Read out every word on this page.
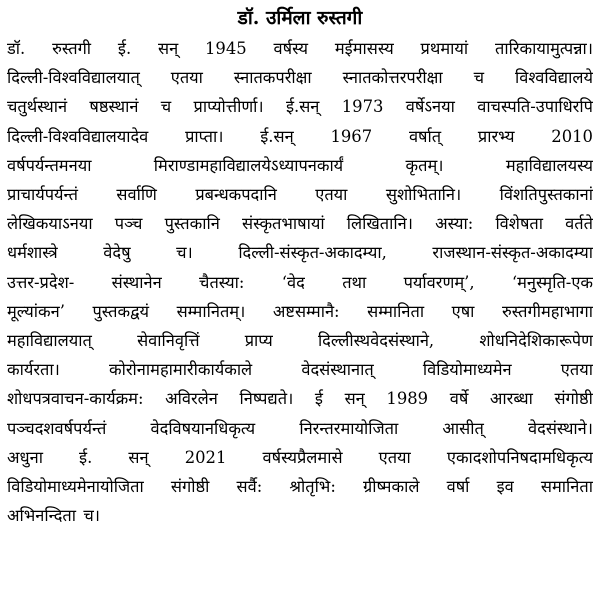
डॉ. उर्मिला रुस्तगी
डॉ. रुस्तगी ई. सन् 1945 वर्षस्य मईमासस्य प्रथमायां तारिकायामुत्पन्ना।
दिल्ली-विश्वविद्यालयात् एतया स्नातकपरीक्षा स्नातकोत्तरपरीक्षा च विश्वविद्यालये
चतुर्थस्थानं षष्ठस्थानं च प्राप्योत्तीर्णा। ई.सन् 1973 वर्षेऽनया वाचस्पति-उपाधिरपि
दिल्ली-विश्वविद्यालयादेव प्राप्ता। ई.सन् 1967 वर्षात् प्रारभ्य 2010
वर्षपर्यन्तमनया	मिराण्डामहाविद्यालयेऽध्यापनकार्यं	कृतम्।	महाविद्यालयस्य
प्राचार्यपर्यन्तं सर्वाणि प्रबन्धकपदानि एतया सुशोभितानि। विंशतिपुस्तकानां
लेखिकयाऽनया पञ्च पुस्तकानि संस्कृतभाषायां लिखितानि। अस्या: विशेषता वर्तते
धर्मशास्त्रे	वेदेषु	च।	दिल्ली-संस्कृत-अकादम्या,	राजस्थान-संस्कृत-अकादम्या
उत्तर-प्रदेश- संस्थानेन चैतस्या: ‘वेद तथा पर्यावरणम्’, ‘मनुस्मृति-एक
मूल्यांकन’ पुस्तकद्वयं सम्मानितम्। अष्टसम्मानै: सम्मानिता एषा रुस्तगीमहाभागा
महाविद्यालयात्	सेवानिवृत्तिं	प्राप्य	दिल्लीस्थवेदसंस्थाने,	शोधनिदेशिकारूपेण
कार्यरता।	कोरोनामहामारीकार्यकाले	वेदसंस्थानात्	विडियोमाध्यमेन	एतया
शोधपत्रवाचन-कार्यक्रम: अविरलेन निष्पद्यते। ई सन् 1989 वर्षे आरब्धा संगोष्ठी
पञ्चदशवर्षपर्यन्तं	वेदविषयानधिकृत्य	निरन्तरमायोजिता	आसीत्	वेदसंस्थाने।
अधुना ई. सन् 2021 वर्षस्यप्रैलमासे एतया एकादशोपनिषदामधिकृत्य
विडियोमाध्यमेनायोजिता संगोष्ठी सर्वै: श्रोतृभि: ग्रीष्मकाले वर्षा इव समानिता
अभिनन्दिता च।
